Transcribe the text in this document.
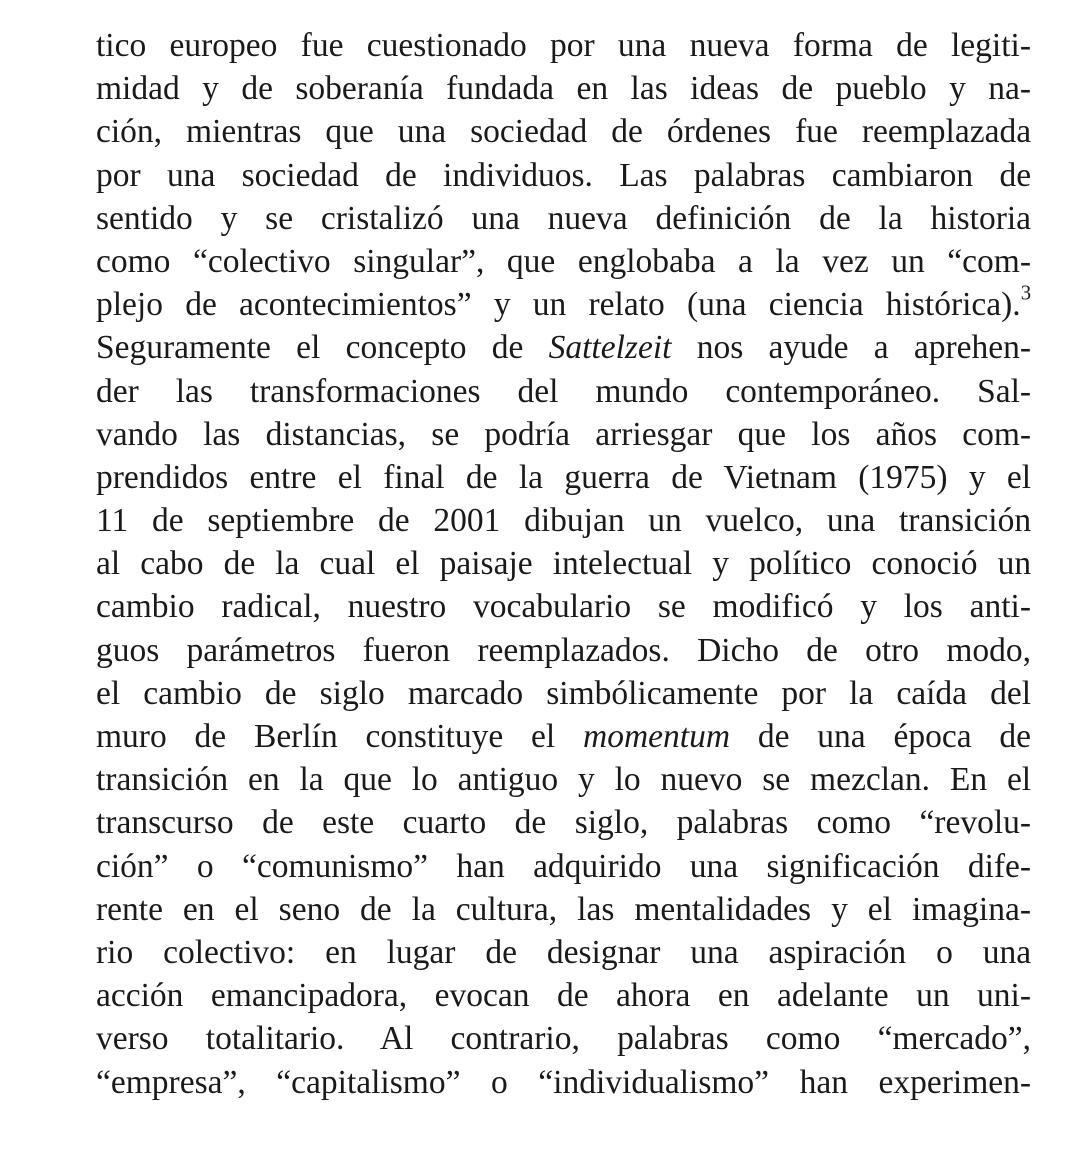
tico europeo fue cuestionado por una nueva forma de legiti-
midad y de soberanía fundada en las ideas de pueblo y na-
ción, mientras que una sociedad de órdenes fue reemplazada
por una sociedad de individuos. Las palabras cambiaron de
sentido y se cristalizó una nueva definición de la historia
como “colectivo singular”, que englobaba a la vez un “com-
plejo de acontecimientos” y un relato (una ciencia histórica).$^3$
Seguramente el concepto de Sattelzeit nos ayude a aprehen-
der las transformaciones del mundo contemporáneo. Sal-
vando las distancias, se podría arriesgar que los años com-
prendidos entre el final de la guerra de Vietnam (1975) y el
11 de septiembre de 2001 dibujan un vuelco, una transición
al cabo de la cual el paisaje intelectual y político conoció un
cambio radical, nuestro vocabulario se modificó y los anti-
guos parámetros fueron reemplazados. Dicho de otro modo,
el cambio de siglo marcado simbólicamente por la caída del
muro de Berlín constituye el momentum de una época de
transición en la que lo antiguo y lo nuevo se mezclan. En el
transcurso de este cuarto de siglo, palabras como “revolu-
ción” o “comunismo” han adquirido una significación dife-
rente en el seno de la cultura, las mentalidades y el imagina-
rio colectivo: en lugar de designar una aspiración o una
acción emancipadora, evocan de ahora en adelante un uni-
verso totalitario. Al contrario, palabras como “mercado”,
“empresa”, “capitalismo” o “individualismo” han experimen-
